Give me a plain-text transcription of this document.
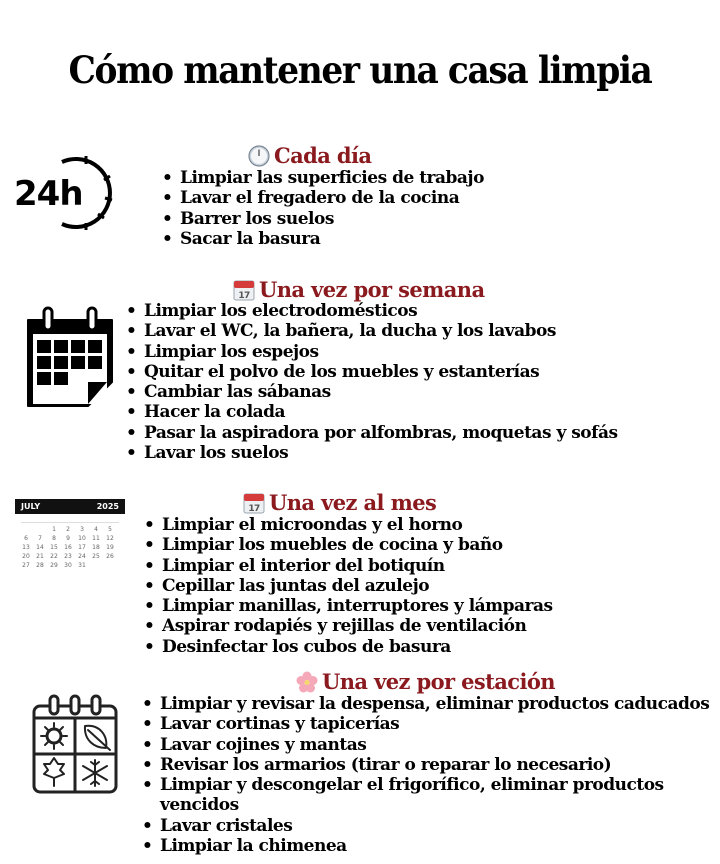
Cómo mantener una casa limpia
24h
Cada día
• Limpiar las superficies de trabajo
• Lavar el fregadero de la cocina
• Barrer los suelos
• Sacar la basura
17 Una vez por semana
• Limpiar los electrodomésticos
• Lavar el WC, la bañera, la ducha y los lavabos
• Limpiar los espejos
• Quitar el polvo de los muebles y estanterías
• Cambiar las sábanas
• Hacer la colada
• Pasar la aspiradora por alfombras, moquetas y sofás
• Lavar los suelos
JULY	2025
		1	2	3	4	5
6	7	8	9	10	11	12
13	14	15	16	17	18	19
20	21	22	23	24	25	26
27	28	29	30	31		
17 Una vez al mes
• Limpiar el microondas y el horno
• Limpiar los muebles de cocina y baño
• Limpiar el interior del botiquín
• Cepillar las juntas del azulejo
• Limpiar manillas, interruptores y lámparas
• Aspirar rodapiés y rejillas de ventilación
• Desinfectar los cubos de basura
Una vez por estación
• Limpiar y revisar la despensa, eliminar productos caducados
• Lavar cortinas y tapicerías
• Lavar cojines y mantas
• Revisar los armarios (tirar o reparar lo necesario)
• Limpiar y descongelar el frigorífico, eliminar productos vencidos
• Lavar cristales
• Limpiar la chimenea
